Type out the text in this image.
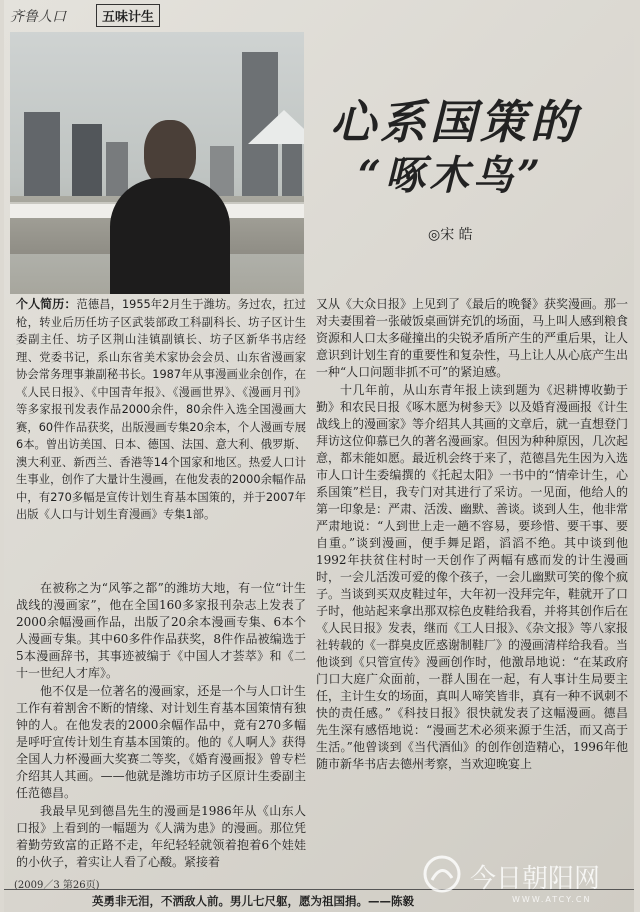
齐鲁人口	五味计生
心系国策的
“啄木鸟”
◎宋 皓
个人简历：范德昌，1955年2月生于潍坊。务过农，扛过枪，转业后历任坊子区武装部政工科副科长、坊子区计生委副主任、坊子区荆山洼镇副镇长、坊子区新华书店经理、党委书记，系山东省美术家协会会员、山东省漫画家协会常务理事兼副秘书长。1987年从事漫画业余创作，在《人民日报》、《中国青年报》、《漫画世界》、《漫画月刊》等多家报刊发表作品2000余件，80余件入选全国漫画大赛，60件作品获奖，出版漫画专集20余本，个人漫画专展6本。曾出访美国、日本、德国、法国、意大利、俄罗斯、澳大利亚、新西兰、香港等14个国家和地区。热爱人口计生事业，创作了大量计生漫画，在他发表的2000余幅作品中，有270多幅是宣传计划生育基本国策的，并于2007年出版《人口与计划生育漫画》专集1部。

在被称之为“风筝之都”的潍坊大地，有一位“计生战线的漫画家”，他在全国160多家报刊杂志上发表了2000余幅漫画作品，出版了20余本漫画专集、6本个人漫画专集。其中60多件作品获奖，8件作品被编选于5本漫画辞书，其事迹被编于《中国人才荟萃》和《二十一世纪人才库》。

他不仅是一位著名的漫画家，还是一个与人口计生工作有着割舍不断的情缘、对计划生育基本国策情有独钟的人。在他发表的2000余幅作品中，竟有270多幅是呼吁宣传计划生育基本国策的。他的《人啊人》获得全国人力杯漫画大奖赛二等奖，《婚育漫画报》曾专栏介绍其人其画。——他就是潍坊市坊子区原计生委副主任范德昌。

我最早见到德昌先生的漫画是1986年从《山东人口报》上看到的一幅题为《人满为患》的漫画。那位凭着勤劳致富的正路不走，年纪轻轻就领着抱着6个娃娃的小伙子，着实让人看了心酸。紧接着

又从《大众日报》上见到了《最后的晚餐》获奖漫画。那一对夫妻围着一张破饭桌画饼充饥的场面，马上叫人感到粮食资源和人口太多碰撞出的尖锐矛盾所产生的严重后果，让人意识到计划生育的重要性和复杂性，马上让人从心底产生出一种“人口问题非抓不可”的紧迫感。

十几年前，从山东青年报上读到题为《迟耕博收勤于勤》和农民日报《啄木愿为树参天》以及婚育漫画报《计生战线上的漫画家》等介绍其人其画的文章后，就一直想登门拜访这位仰慕已久的著名漫画家。但因为种种原因，几次起意，都未能如愿。最近机会终于来了，范德昌先生因为入选市人口计生委编撰的《托起太阳》一书中的“情牵计生，心系国策”栏目，我专门对其进行了采访。一见面，他给人的第一印象是：严肃、活泼、幽默、善谈。谈到人生，他非常严肃地说：“人到世上走一趟不容易，要珍惜、要干事、要自重。”谈到漫画，便手舞足蹈，滔滔不绝。其中谈到他1992年扶贫住村时一天创作了两幅有感而发的计生漫画时，一会儿活泼可爱的像个孩子，一会儿幽默可笑的像个疯子。当谈到买双皮鞋过年，大年初一没拜完年，鞋就开了口子时，他站起来拿出那双棕色皮鞋给我看，并将其创作后在《人民日报》发表，继而《工人日报》、《杂文报》等八家报社转载的《一群臭皮匠惑谢制鞋厂》的漫画清样给我看。当他谈到《只管宣传》漫画创作时，他激昂地说：“在某政府门口大庭广众面前，一群人围在一起，有人事计生局要主任，主计生女的场面，真叫人啼笑皆非，真有一种不讽刺不快的责任感。”《科技日报》很快就发表了这幅漫画。德昌先生深有感悟地说：“漫画艺术必须来源于生活，而又高于生活。”他曾谈到《当代酒仙》的创作创造精心，1996年他随市新华书店去德州考察，当欢迎晚宴上

(2009／3 第26页)
英勇非无泪，不洒敌人前。男儿七尺躯，愿为祖国捐。——陈毅
今日朝阳网
WWW.ATCY.CN
